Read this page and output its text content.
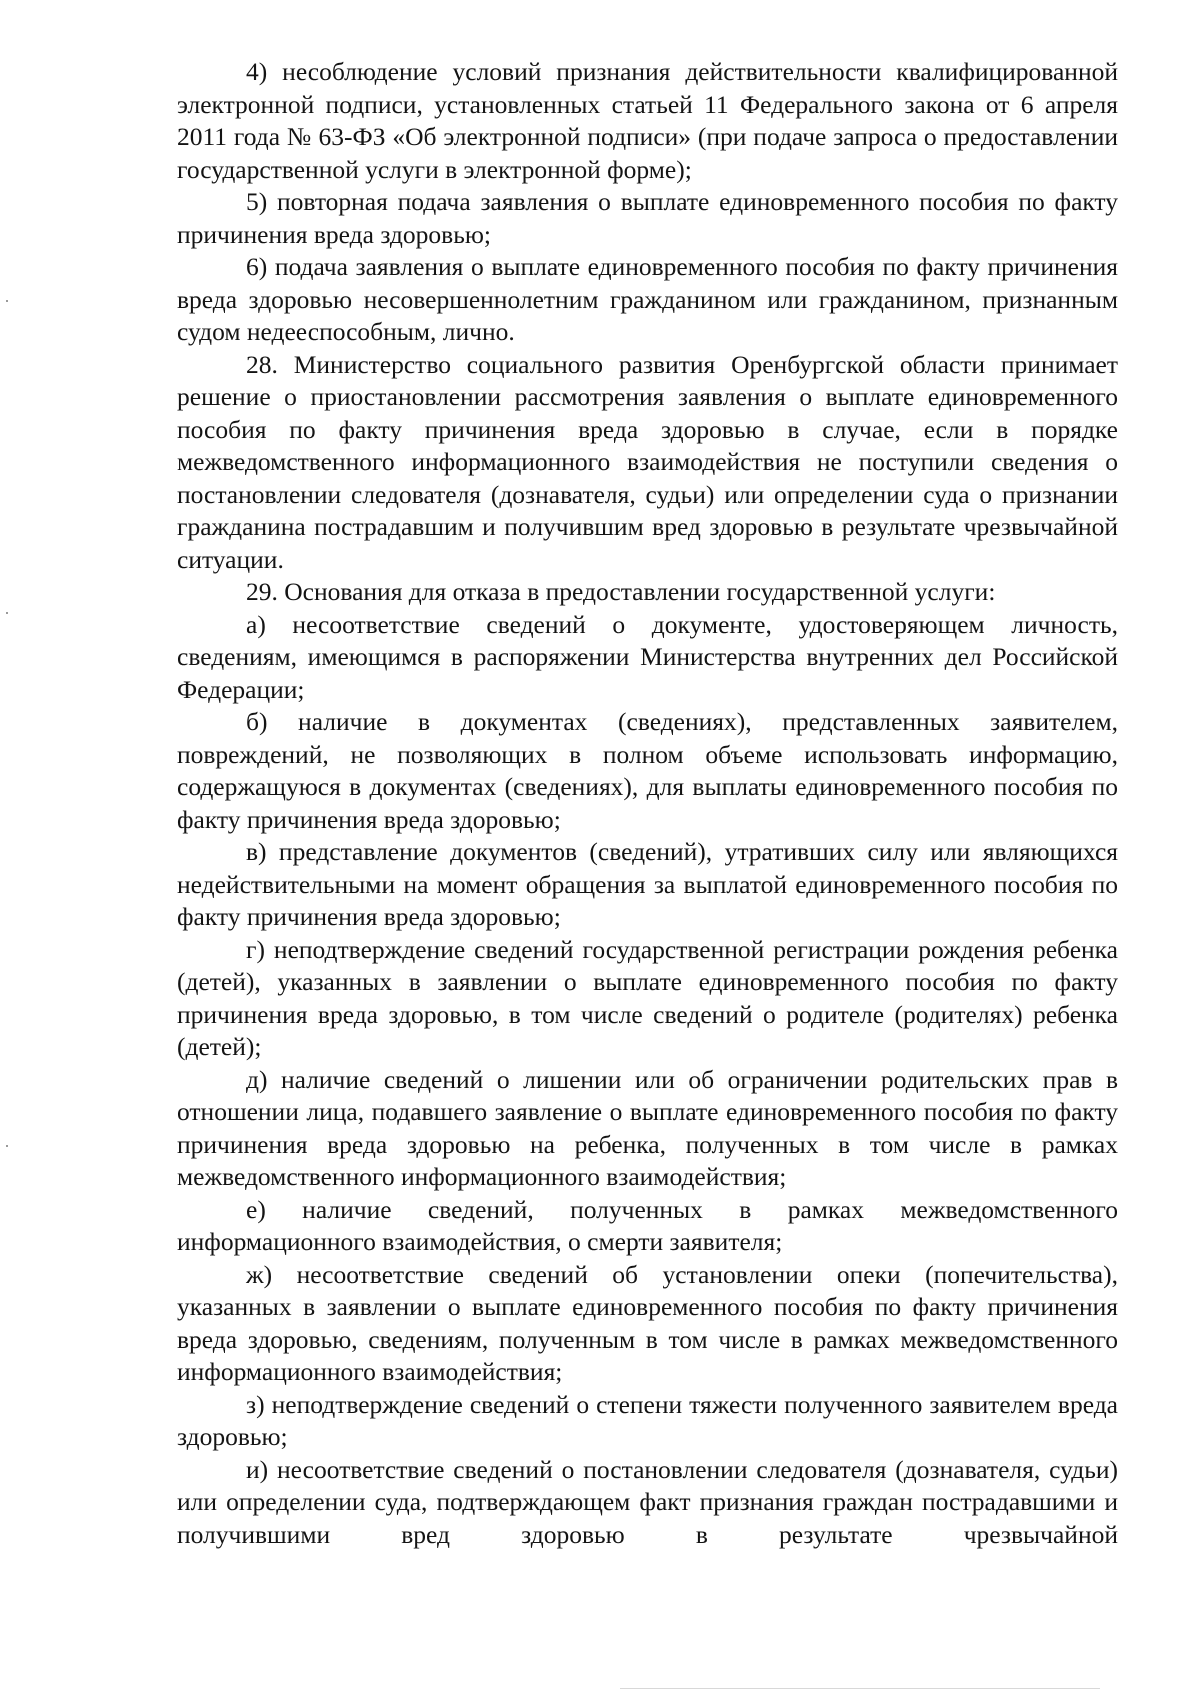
4) несоблюдение условий признания действительности квалифицированной электронной подписи, установленных статьей 11 Федерального закона от 6 апреля 2011 года № 63-ФЗ «Об электронной подписи» (при подаче запроса о предоставлении государственной услуги в электронной форме);

5) повторная подача заявления о выплате единовременного пособия по факту причинения вреда здоровью;

6) подача заявления о выплате единовременного пособия по факту причинения вреда здоровью несовершеннолетним гражданином или гражданином, признанным судом недееспособным, лично.

28. Министерство социального развития Оренбургской области принимает решение о приостановлении рассмотрения заявления о выплате единовременного пособия по факту причинения вреда здоровью в случае, если в порядке межведомственного информационного взаимодействия не поступили сведения о постановлении следователя (дознавателя, судьи) или определении суда о признании гражданина пострадавшим и получившим вред здоровью в результате чрезвычайной ситуации.

29. Основания для отказа в предоставлении государственной услуги:

а) несоответствие сведений о документе, удостоверяющем личность, сведениям, имеющимся в распоряжении Министерства внутренних дел Российской Федерации;

б) наличие в документах (сведениях), представленных заявителем, повреждений, не позволяющих в полном объеме использовать информацию, содержащуюся в документах (сведениях), для выплаты единовременного пособия по факту причинения вреда здоровью;

в) представление документов (сведений), утративших силу или являющихся недействительными на момент обращения за выплатой единовременного пособия по факту причинения вреда здоровью;

г) неподтверждение сведений государственной регистрации рождения ребенка (детей), указанных в заявлении о выплате единовременного пособия по факту причинения вреда здоровью, в том числе сведений о родителе (родителях) ребенка (детей);

д) наличие сведений о лишении или об ограничении родительских прав в отношении лица, подавшего заявление о выплате единовременного пособия по факту причинения вреда здоровью на ребенка, полученных в том числе в рамках межведомственного информационного взаимодействия;

е) наличие сведений, полученных в рамках межведомственного информационного взаимодействия, о смерти заявителя;

ж) несоответствие сведений об установлении опеки (попечительства), указанных в заявлении о выплате единовременного пособия по факту причинения вреда здоровью, сведениям, полученным в том числе в рамках межведомственного информационного взаимодействия;

з) неподтверждение сведений о степени тяжести полученного заявителем вреда здоровью;

и) несоответствие сведений о постановлении следователя (дознавателя, судьи) или определении суда, подтверждающем факт признания граждан пострадавшими и получившими вред здоровью в результате чрезвычайной
